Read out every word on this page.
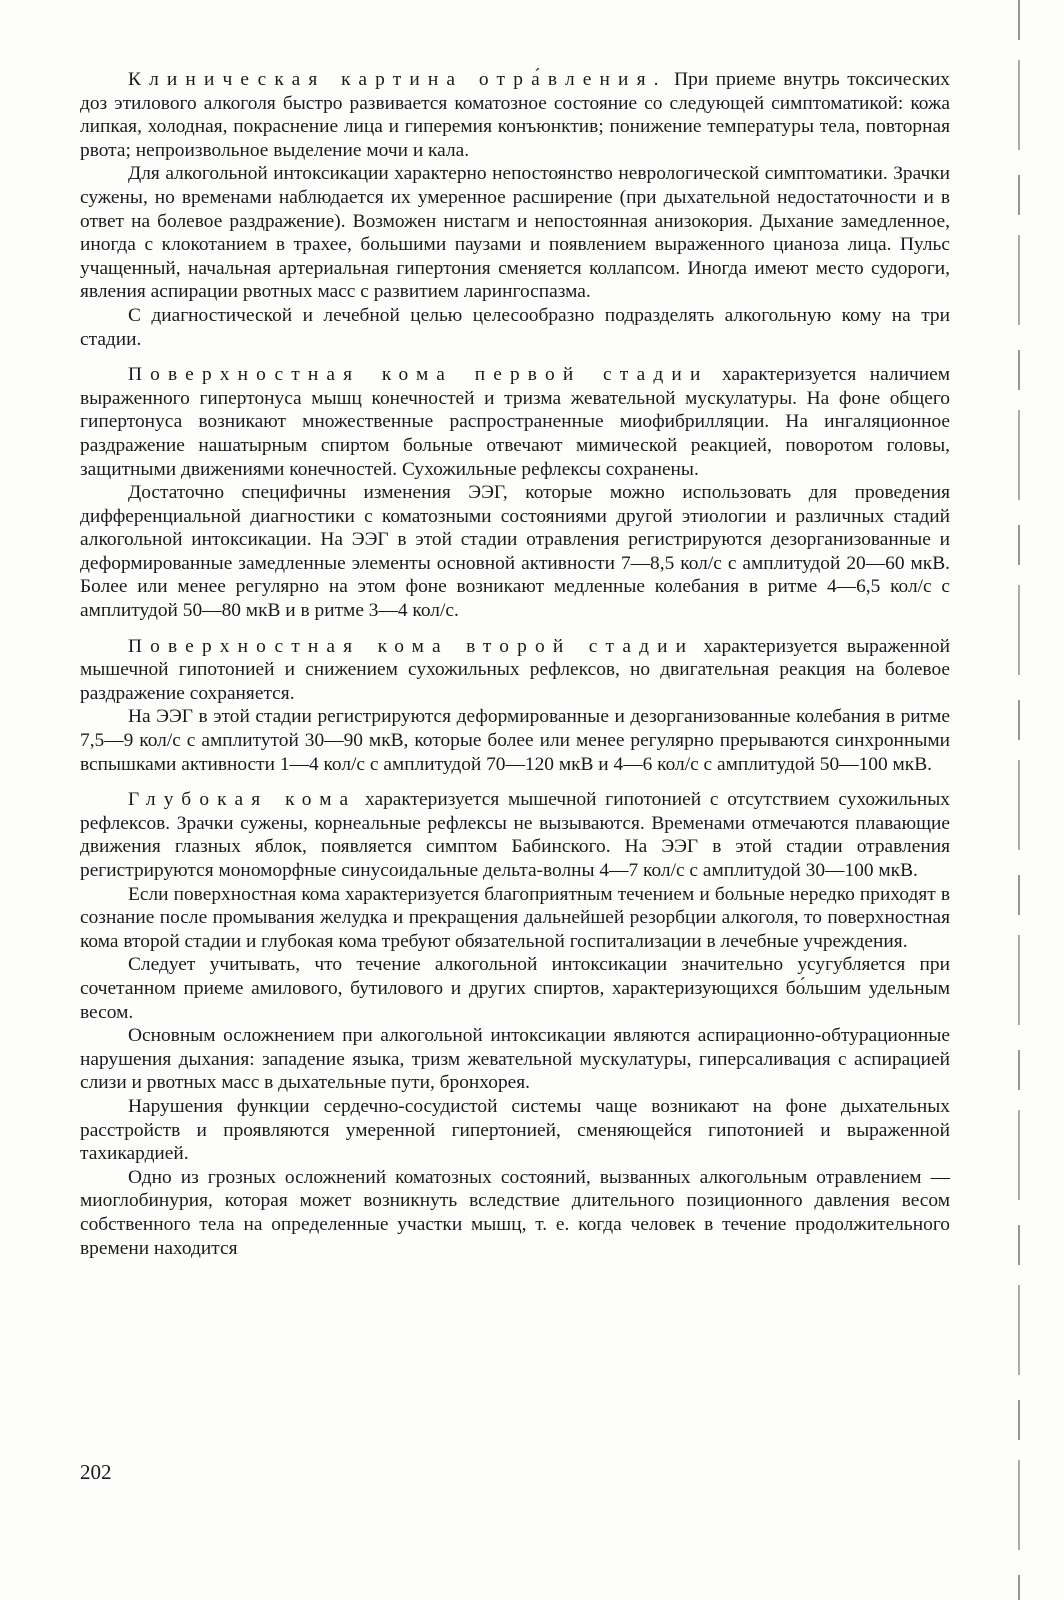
Клиническая картина отра́вления. При приеме внутрь токсических доз этилового алкоголя быстро развивается коматозное состояние со следующей симптоматикой: кожа липкая, холодная, покраснение лица и гиперемия конъюнктив; понижение температуры тела, повторная рвота; непроизвольное выделение мочи и кала.

Для алкогольной интоксикации характерно непостоянство неврологической симптоматики. Зрачки сужены, но временами наблюдается их умеренное расширение (при дыхательной недостаточности и в ответ на болевое раздражение). Возможен нистагм и непостоянная анизокория. Дыхание замедленное, иногда с клокотанием в трахее, большими паузами и появлением выраженного цианоза лица. Пульс учащенный, начальная артериальная гипертония сменяется коллапсом. Иногда имеют место судороги, явления аспирации рвотных масс с развитием ларингоспазма.

С диагностической и лечебной целью целесообразно подразделять алкогольную кому на три стадии.

Поверхностная кома первой стадии характеризуется наличием выраженного гипертонуса мышц конечностей и тризма жевательной мускулатуры. На фоне общего гипертонуса возникают множественные распространенные миофибрилляции. На ингаляционное раздражение нашатырным спиртом больные отвечают мимической реакцией, поворотом головы, защитными движениями конечностей. Сухожильные рефлексы сохранены.

Достаточно специфичны изменения ЭЭГ, которые можно использовать для проведения дифференциальной диагностики с коматозными состояниями другой этиологии и различных стадий алкогольной интоксикации. На ЭЭГ в этой стадии отравления регистрируются дезорганизованные и деформированные замедленные элементы основной активности 7—8,5 кол/с с амплитудой 20—60 мкВ. Более или менее регулярно на этом фоне возникают медленные колебания в ритме 4—6,5 кол/с с амплитудой 50—80 мкВ и в ритме 3—4 кол/с.

Поверхностная кома второй стадии характеризуется выраженной мышечной гипотонией и снижением сухожильных рефлексов, но двигательная реакция на болевое раздражение сохраняется.

На ЭЭГ в этой стадии регистрируются деформированные и дезорганизованные колебания в ритме 7,5—9 кол/с с амплитутой 30—90 мкВ, которые более или менее регулярно прерываются синхронными вспышками активности 1—4 кол/с с амплитудой 70—120 мкВ и 4—6 кол/с с амплитудой 50—100 мкВ.

Глубокая кома характеризуется мышечной гипотонией с отсутствием сухожильных рефлексов. Зрачки сужены, корнеальные рефлексы не вызываются. Временами отмечаются плавающие движения глазных яблок, появляется симптом Бабинского. На ЭЭГ в этой стадии отравления регистрируются мономорфные синусоидальные дельта-волны 4—7 кол/с с амплитудой 30—100 мкВ.

Если поверхностная кома характеризуется благоприятным течением и больные нередко приходят в сознание после промывания желудка и прекращения дальнейшей резорбции алкоголя, то поверхностная кома второй стадии и глубокая кома требуют обязательной госпитализации в лечебные учреждения.

Следует учитывать, что течение алкогольной интоксикации значительно усугубляется при сочетанном приеме амилового, бутилового и других спиртов, характеризующихся бо́льшим удельным весом.

Основным осложнением при алкогольной интоксикации являются аспирационно-обтурационные нарушения дыхания: западение языка, тризм жевательной мускулатуры, гиперсаливация с аспирацией слизи и рвотных масс в дыхательные пути, бронхорея.

Нарушения функции сердечно-сосудистой системы чаще возникают на фоне дыхательных расстройств и проявляются умеренной гипертонией, сменяющейся гипотонией и выраженной тахикардией.

Одно из грозных осложнений коматозных состояний, вызванных алкогольным отравлением — миоглобинурия, которая может возникнуть вследствие длительного позиционного давления весом собственного тела на определенные участки мышц, т. е. когда человек в течение продолжительного времени находится

202
